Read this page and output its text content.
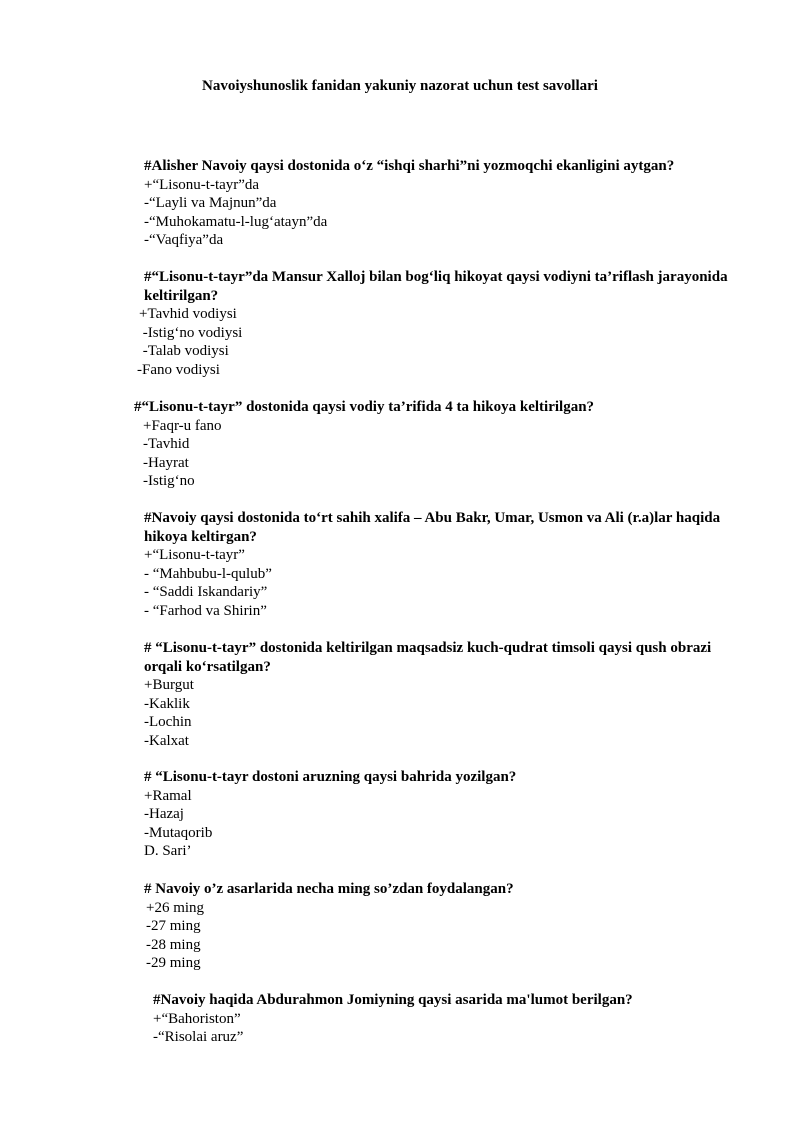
Navoiyshunoslik fanidan yakuniy nazorat uchun test savollari

#Alisher Navoiy qaysi dostonida o‘z “ishqi sharhi”ni yozmoqchi ekanligini aytgan?

+“Lisonu-t-tayr”da
-“Layli va Majnun”da
-“Muhokamatu-l-lug‘atayn”da
-“Vaqfiya”da

#“Lisonu-t-tayr”da Mansur Xalloj bilan bog‘liq hikoyat qaysi vodiyni ta’riflash jarayonida keltirilgan?

+Tavhid vodiysi
-Istig‘no vodiysi
-Talab vodiysi
-Fano vodiysi

#“Lisonu-t-tayr” dostonida qaysi vodiy ta’rifida 4 ta hikoya keltirilgan?

+Faqr-u fano
-Tavhid
-Hayrat
-Istig‘no

#Navoiy qaysi dostonida to‘rt sahih xalifa – Abu Bakr, Umar, Usmon va Ali (r.a)lar haqida hikoya keltirgan?

+“Lisonu-t-tayr”
- “Mahbubu-l-qulub”
- “Saddi Iskandariy”
- “Farhod va Shirin”

# “Lisonu-t-tayr” dostonida keltirilgan maqsadsiz kuch-qudrat timsoli qaysi qush obrazi orqali ko‘rsatilgan?

+Burgut
-Kaklik
-Lochin
-Kalxat

# “Lisonu-t-tayr dostoni aruzning qaysi bahrida yozilgan?

+Ramal
-Hazaj
-Mutaqorib
D. Sari’

# Navoiy o’z asarlarida necha ming so’zdan foydalangan?

+26 ming
-27 ming
-28 ming
-29 ming

#Navoiy haqida Abdurahmon Jomiyning qaysi asarida ma'lumot berilgan?

+“Bahoriston”
-“Risolai aruz”
